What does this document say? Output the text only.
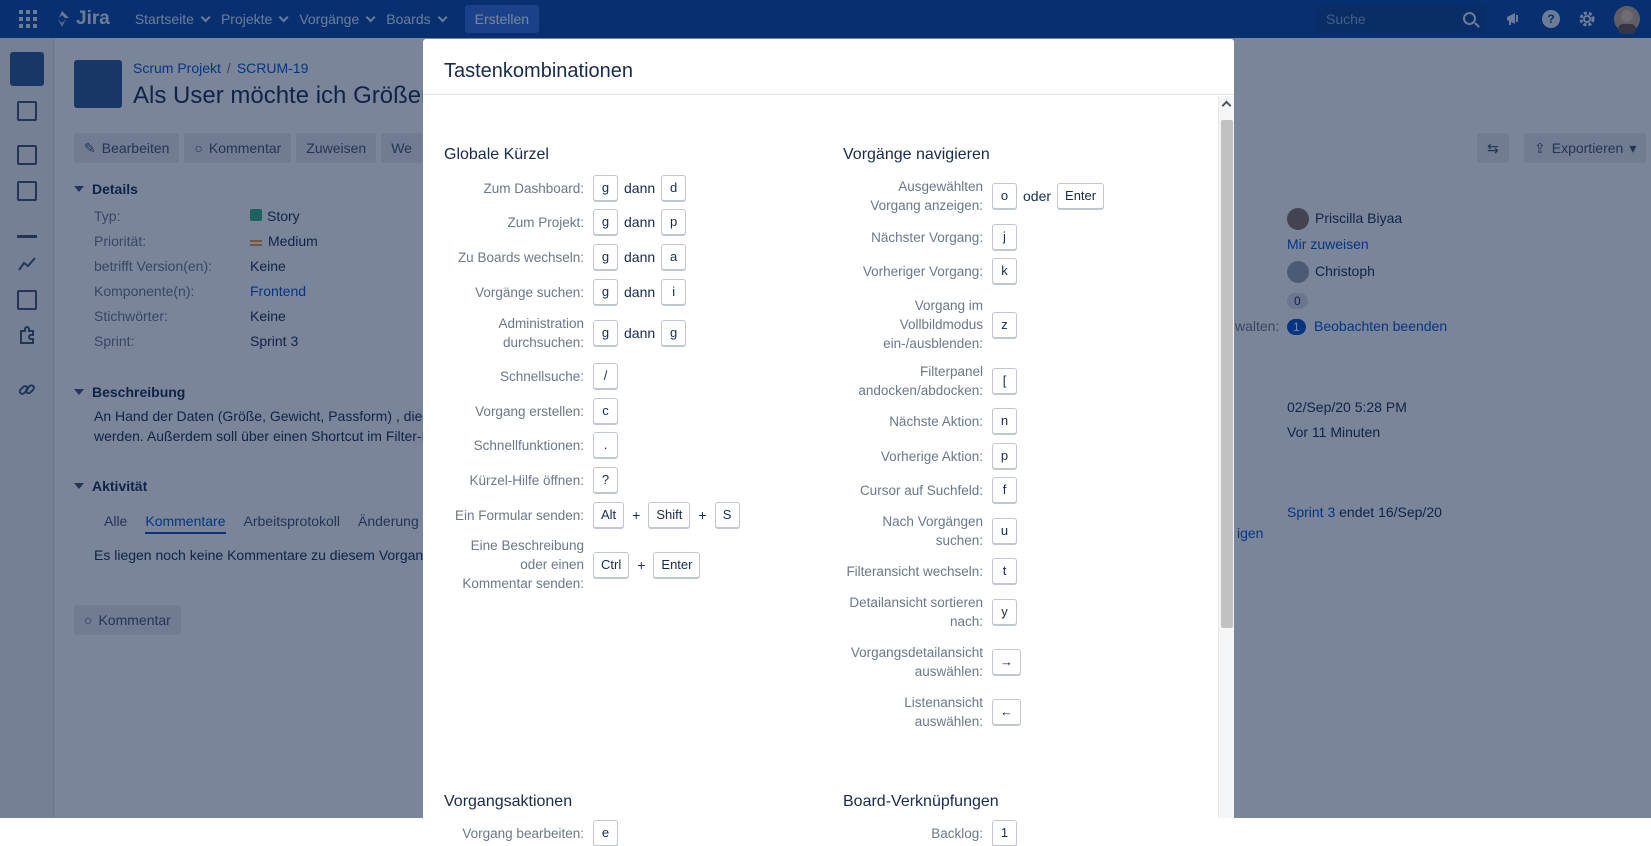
Tastenkombinationen
Globale Kürzel	Vorgänge navigieren
Zum Dashboard:	g	dann	d
Zum Projekt:	g	dann	p
Zu Boards wechseln:	g	dann	a
Vorgänge suchen:	g	dann	i
Administration
durchsuchen:
g	dann	g
Schnellsuche:	/
Vorgang erstellen:	c
Schnellfunktionen:	.
Kürzel-Hilfe öffnen:	?
Ein Formular senden:	Alt	+	Shift	+	S
Eine Beschreibung
oder einen
Kommentar senden:
Ctrl	+	Enter
Ausgewählten
Vorgang anzeigen:
o	oder	Enter
Nächster Vorgang:	j
Vorheriger Vorgang:	k
Vorgang im
Vollbildmodus
ein-/ausblenden:
z
Filterpanel
andocken/abdocken:
[
Nächste Aktion:	n
Vorherige Aktion:	p
Cursor auf Suchfeld:	f
Nach Vorgängen
suchen:
u
Filteransicht wechseln:	t
Detailansicht sortieren
nach:
y
Vorgangsdetailansicht
auswählen:
→
Listenansicht
auswählen:
←
Vorgangsaktionen	Board-Verknüpfungen
Vorgang bearbeiten:	e	Backlog:	1
